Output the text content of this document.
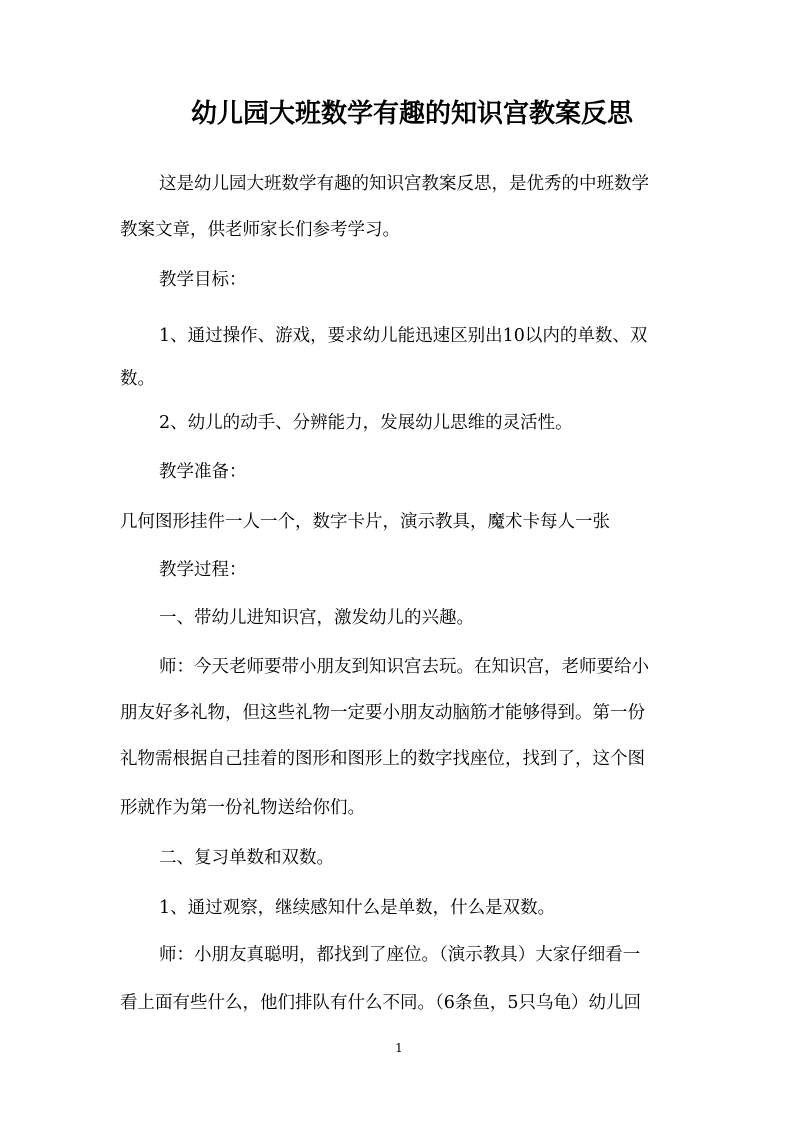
幼儿园大班数学有趣的知识宫教案反思
这是幼儿园大班数学有趣的知识宫教案反思，是优秀的中班数学
教案文章，供老师家长们参考学习。
教学目标：
1、通过操作、游戏，要求幼儿能迅速区别出10以内的单数、双
数。
2、幼儿的动手、分辨能力，发展幼儿思维的灵活性。
教学准备：
几何图形挂件一人一个，数字卡片，演示教具，魔术卡每人一张
教学过程：
一、带幼儿进知识宫，激发幼儿的兴趣。
师：今天老师要带小朋友到知识宫去玩。在知识宫，老师要给小
朋友好多礼物，但这些礼物一定要小朋友动脑筋才能够得到。第一份
礼物需根据自己挂着的图形和图形上的数字找座位，找到了，这个图
形就作为第一份礼物送给你们。
二、复习单数和双数。
1、通过观察，继续感知什么是单数，什么是双数。
师：小朋友真聪明，都找到了座位。（演示教具）大家仔细看一
看上面有些什么，他们排队有什么不同。（6条鱼，5只乌龟）幼儿回
1
